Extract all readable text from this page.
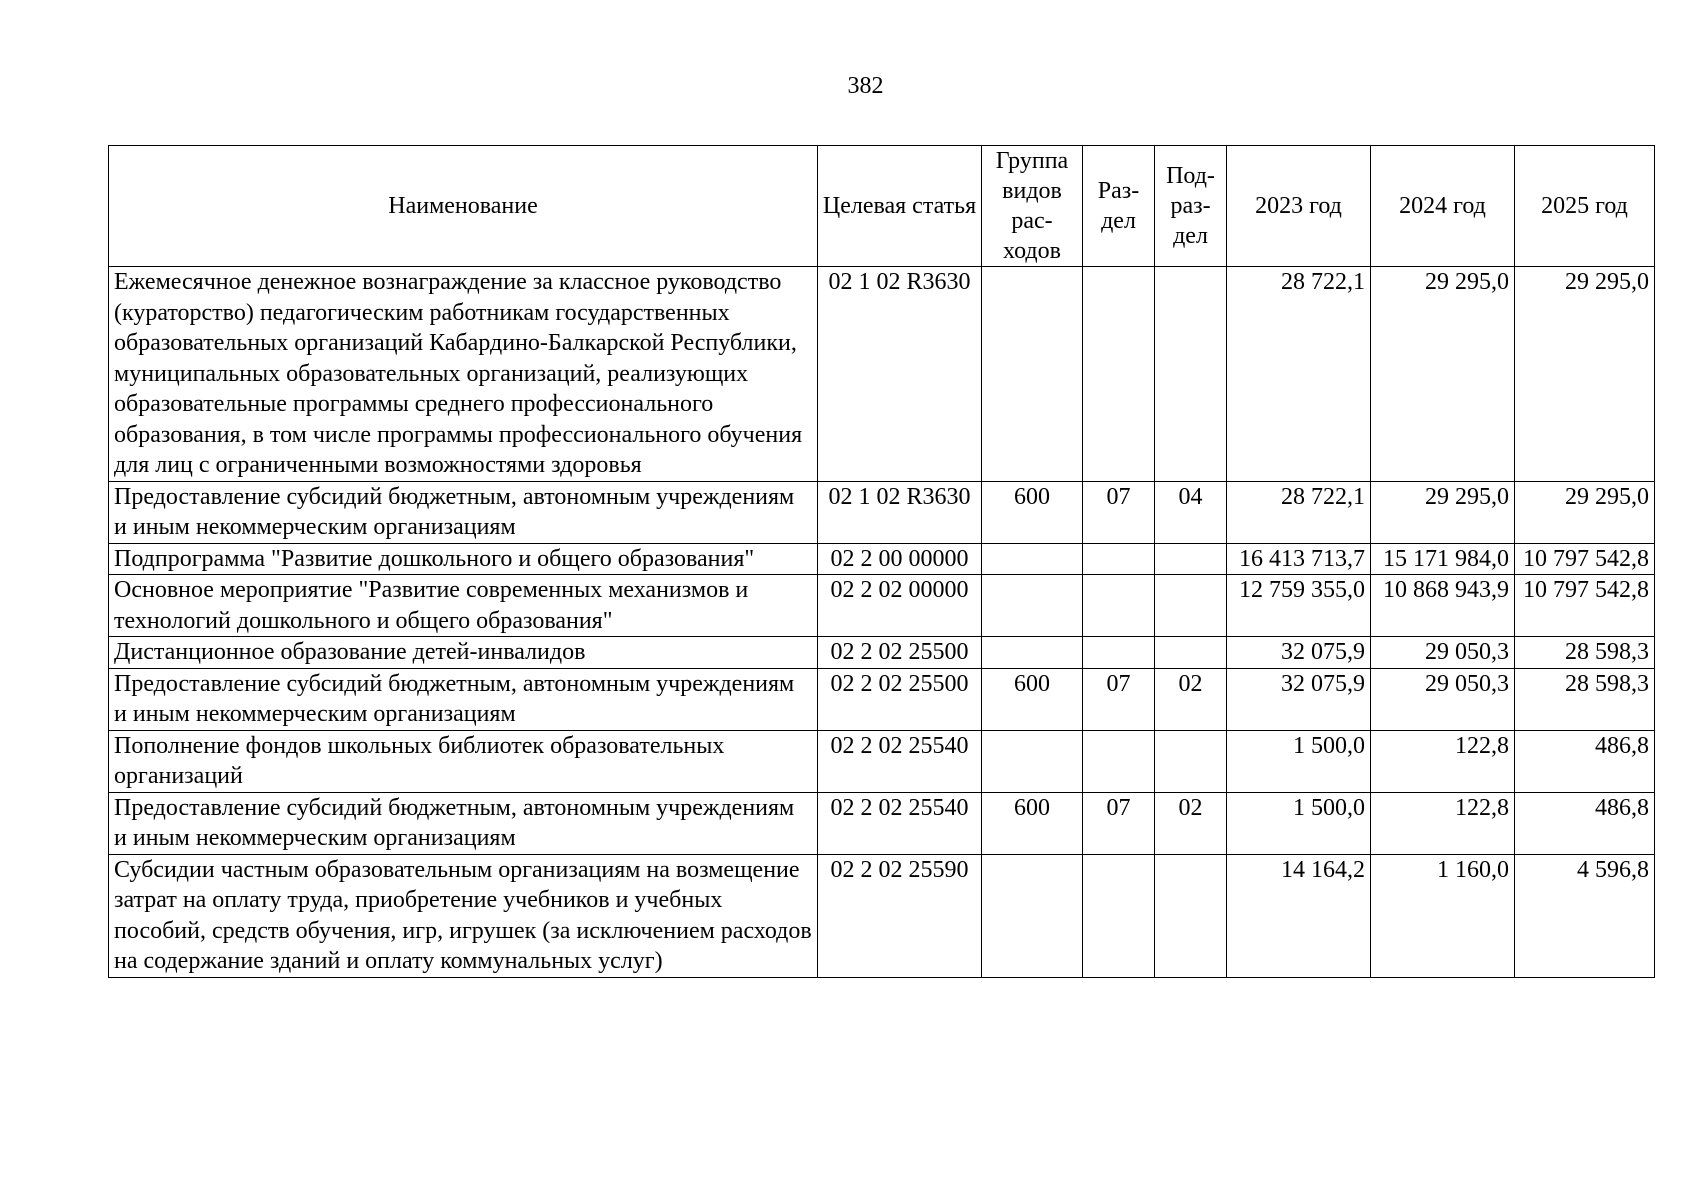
382
Наименование	Целевая статья	Группа видов рас-ходов	Раз-дел	Под-раз-дел	2023 год	2024 год	2025 год
Ежемесячное денежное вознаграждение за классное руководство (кураторство) педагогическим работникам государственных образовательных организаций Кабардино-Балкарской Республики, муниципальных образовательных организаций, реализующих образовательные программы среднего профессионального образования, в том числе программы профессионального обучения для лиц с ограниченными возможностями здоровья	02 1 02 R3630				28 722,1	29 295,0	29 295,0
Предоставление субсидий бюджетным, автономным учреждениям и иным некоммерческим организациям	02 1 02 R3630	600	07	04	28 722,1	29 295,0	29 295,0
Подпрограмма "Развитие дошкольного и общего образования"	02 2 00 00000				16 413 713,7	15 171 984,0	10 797 542,8
Основное мероприятие "Развитие современных механизмов и технологий дошкольного и общего образования"	02 2 02 00000				12 759 355,0	10 868 943,9	10 797 542,8
Дистанционное образование детей-инвалидов	02 2 02 25500				32 075,9	29 050,3	28 598,3
Предоставление субсидий бюджетным, автономным учреждениям и иным некоммерческим организациям	02 2 02 25500	600	07	02	32 075,9	29 050,3	28 598,3
Пополнение фондов школьных библиотек образовательных организаций	02 2 02 25540				1 500,0	122,8	486,8
Предоставление субсидий бюджетным, автономным учреждениям и иным некоммерческим организациям	02 2 02 25540	600	07	02	1 500,0	122,8	486,8
Субсидии частным образовательным организациям на возмещение затрат на оплату труда, приобретение учебников и учебных пособий, средств обучения, игр, игрушек (за исключением расходов на содержание зданий и оплату коммунальных услуг)	02 2 02 25590				14 164,2	1 160,0	4 596,8
